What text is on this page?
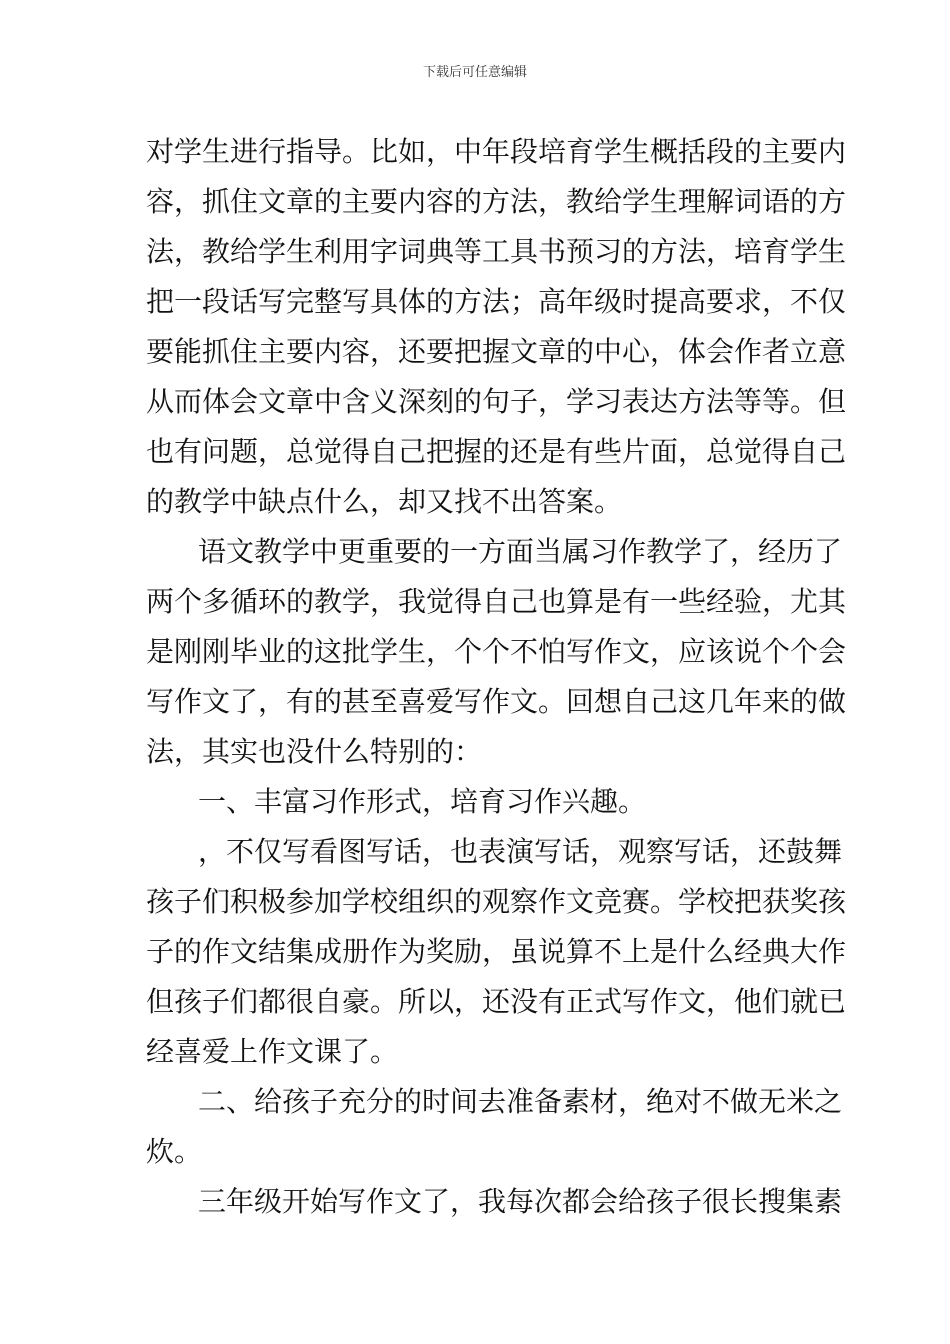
下载后可任意编辑
对学生进行指导。比如，中年段培育学生概括段的主要内
容，抓住文章的主要内容的方法，教给学生理解词语的方
法，教给学生利用字词典等工具书预习的方法，培育学生
把一段话写完整写具体的方法；高年级时提高要求，不仅
要能抓住主要内容，还要把握文章的中心，体会作者立意
从而体会文章中含义深刻的句子，学习表达方法等等。但
也有问题，总觉得自己把握的还是有些片面，总觉得自己
的教学中缺点什么，却又找不出答案。
语文教学中更重要的一方面当属习作教学了，经历了
两个多循环的教学，我觉得自己也算是有一些经验，尤其
是刚刚毕业的这批学生，个个不怕写作文，应该说个个会
写作文了，有的甚至喜爱写作文。回想自己这几年来的做
法，其实也没什么特别的：
一、丰富习作形式，培育习作兴趣。
，不仅写看图写话，也表演写话，观察写话，还鼓舞
孩子们积极参加学校组织的观察作文竞赛。学校把获奖孩
子的作文结集成册作为奖励，虽说算不上是什么经典大作
但孩子们都很自豪。所以，还没有正式写作文，他们就已
经喜爱上作文课了。
二、给孩子充分的时间去准备素材，绝对不做无米之
炊。
三年级开始写作文了，我每次都会给孩子很长搜集素
